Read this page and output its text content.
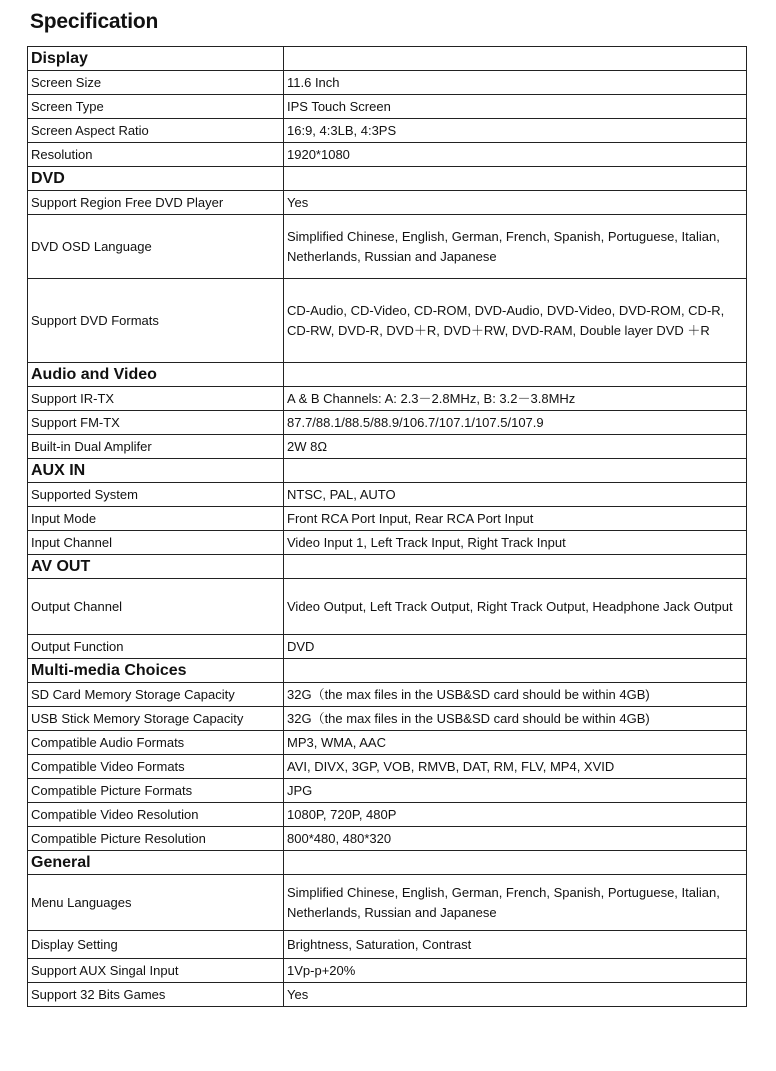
Specification
Display	
Screen Size	11.6 Inch
Screen Type	IPS Touch Screen
Screen Aspect Ratio	16:9, 4:3LB, 4:3PS
Resolution	1920*1080
DVD	
Support Region Free DVD Player	Yes
DVD OSD Language	Simplified Chinese, English, German, French, Spanish, Portuguese, Italian, Netherlands, Russian and Japanese
Support DVD Formats	CD-Audio, CD-Video, CD-ROM, DVD-Audio, DVD-Video, DVD-ROM, CD-R, CD-RW, DVD-R, DVD＋R, DVD＋RW, DVD-RAM, Double layer DVD ＋R
Audio and Video	
Support IR-TX	A & B Channels: A: 2.3－2.8MHz, B: 3.2－3.8MHz
Support FM-TX	87.7/88.1/88.5/88.9/106.7/107.1/107.5/107.9
Built-in Dual Amplifer	2W 8Ω
AUX IN	
Supported System	NTSC, PAL, AUTO
Input Mode	Front RCA Port Input, Rear RCA Port Input
Input Channel	Video Input 1, Left Track Input, Right Track Input
AV OUT	
Output Channel	Video Output, Left Track Output, Right Track Output, Headphone Jack Output
Output Function	DVD
Multi-media Choices	
SD Card Memory Storage Capacity	32G（the max files in the USB&SD card should be within 4GB)
USB Stick Memory Storage Capacity	32G（the max files in the USB&SD card should be within 4GB)
Compatible Audio Formats	MP3, WMA, AAC
Compatible Video Formats	AVI, DIVX, 3GP, VOB, RMVB, DAT, RM, FLV, MP4, XVID
Compatible Picture Formats	JPG
Compatible Video Resolution	1080P, 720P, 480P
Compatible Picture Resolution	800*480, 480*320
General	
Menu Languages	Simplified Chinese, English, German, French, Spanish, Portuguese, Italian, Netherlands, Russian and Japanese
Display Setting	Brightness, Saturation, Contrast
Support AUX Singal Input	1Vp-p+20%
Support 32 Bits Games	Yes
